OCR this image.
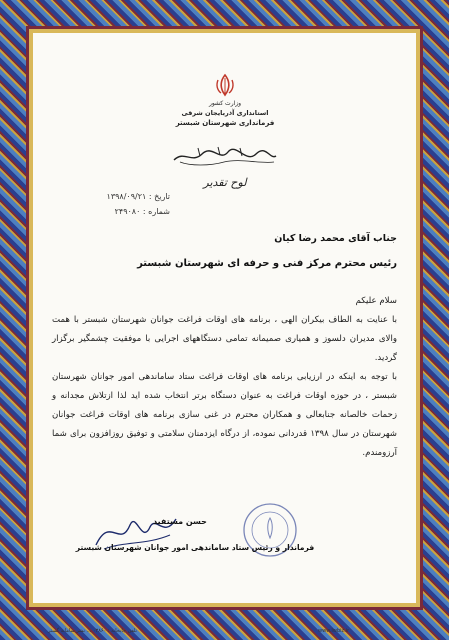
وزارت کشور
استانداری آذربایجان شرقی
فرمانداری شهرستان شبستر
لوح تقدیر
تاریخ : ۱۳۹۸/۰۹/۲۱
شماره : ۲۴۹۰۸۰
جناب آقای محمد رضا کیان
رئیس محترم مرکز فنی و حرفه ای شهرستان شبستر

سلام علیکم

با عنایت به الطاف بیکران الهی ، برنامه های اوقات فراغت جوانان شهرستان شبستر با همت والای مدیران دلسوز و همیاری صمیمانه تمامی دستگاههای اجرایی با موفقیت چشمگیر برگزار گردید.

با توجه به اینکه در ارزیابی برنامه های اوقات فراغت ستاد ساماندهی امور جوانان شهرستان شبستر ، در حوزه اوقات فراغت به عنوان دستگاه برتر انتخاب شده اید لذا ازتلاش مجدانه و زحمات خالصانه جنابعالی و همکاران محترم در غنی سازی برنامه های اوقات فراغت جوانان شهرستان در سال ۱۳۹۸ قدردانی نموده، از درگاه ایزدمنان سلامتی و توفیق روزافزون برای شما آرزومندم.

حسن مستفید
فرماندار و رئیس ستاد ساماندهی امور جوانان شهرستان شبستر
تلفن چاپخانه : ۰۳۸۶۰ ... نشر سامانه گستر	www.Iwbiz.ir
